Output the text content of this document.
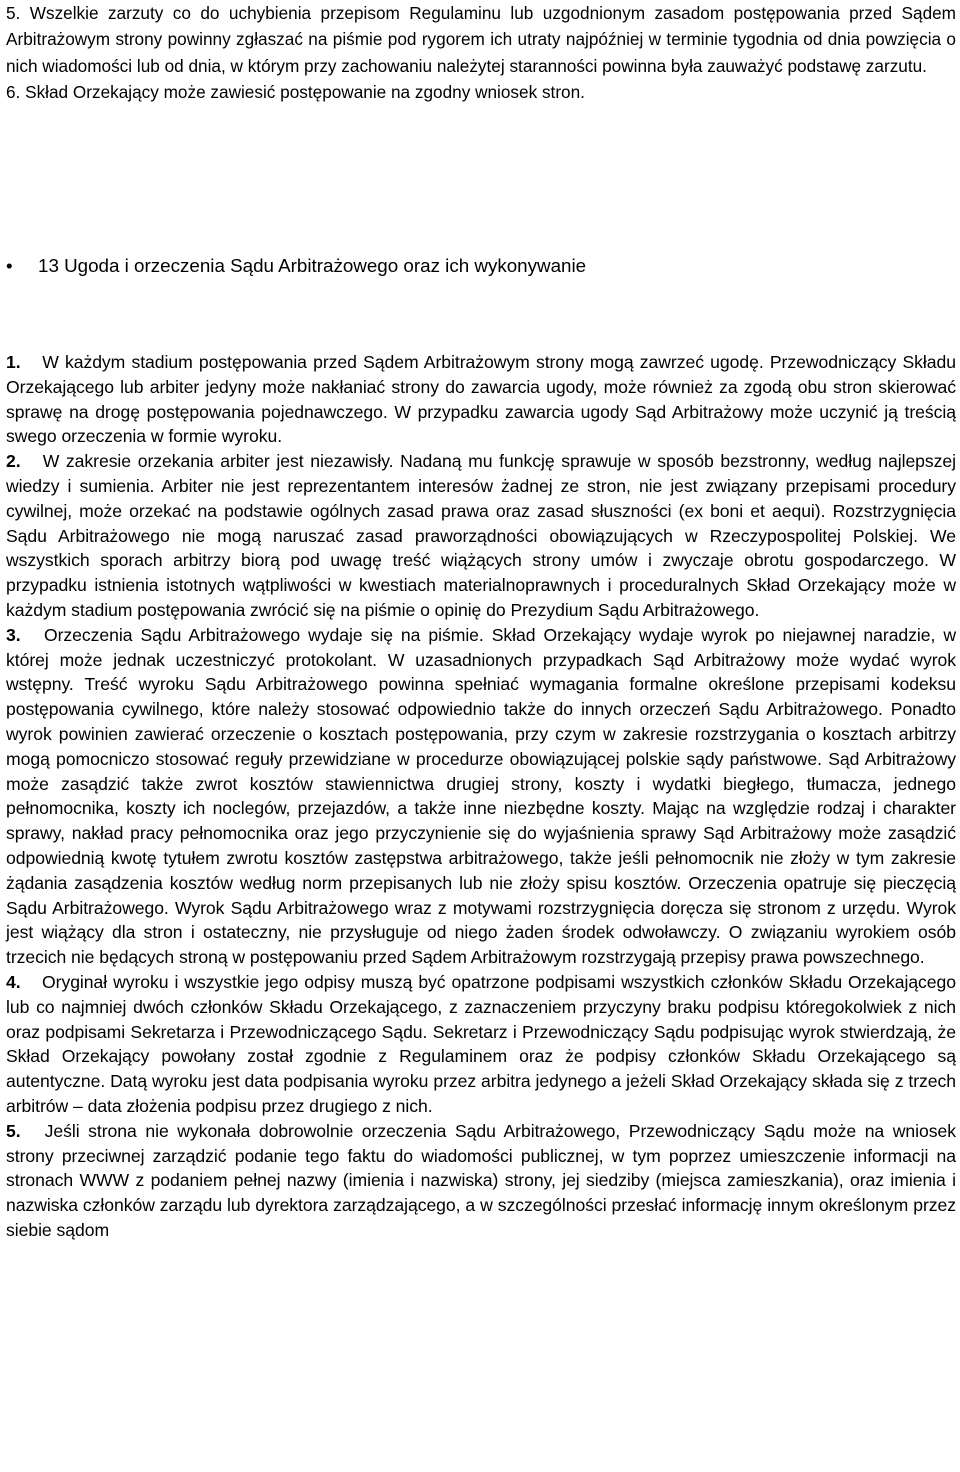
5. Wszelkie zarzuty co do uchybienia przepisom Regulaminu lub uzgodnionym zasadom postępowania przed Sądem Arbitrażowym strony powinny zgłaszać na piśmie pod rygorem ich utraty najpóźniej w terminie tygodnia od dnia powzięcia o nich wiadomości lub od dnia, w którym przy zachowaniu należytej staranności powinna była zauważyć podstawę zarzutu.

6. Skład Orzekający może zawiesić postępowanie na zgodny wniosek stron.

• 13 Ugoda i orzeczenia Sądu Arbitrażowego oraz ich wykonywanie

1. W każdym stadium postępowania przed Sądem Arbitrażowym strony mogą zawrzeć ugodę. Przewodniczący Składu Orzekającego lub arbiter jedyny może nakłaniać strony do zawarcia ugody, może również za zgodą obu stron skierować sprawę na drogę postępowania pojednawczego. W przypadku zawarcia ugody Sąd Arbitrażowy może uczynić ją treścią swego orzeczenia w formie wyroku.

2. W zakresie orzekania arbiter jest niezawisły. Nadaną mu funkcję sprawuje w sposób bezstronny, według najlepszej wiedzy i sumienia. Arbiter nie jest reprezentantem interesów żadnej ze stron, nie jest związany przepisami procedury cywilnej, może orzekać na podstawie ogólnych zasad prawa oraz zasad słuszności (ex boni et aequi). Rozstrzygnięcia Sądu Arbitrażowego nie mogą naruszać zasad praworządności obowiązujących w Rzeczypospolitej Polskiej. We wszystkich sporach arbitrzy biorą pod uwagę treść wiążących strony umów i zwyczaje obrotu gospodarczego. W przypadku istnienia istotnych wątpliwości w kwestiach materialnoprawnych i proceduralnych Skład Orzekający może w każdym stadium postępowania zwrócić się na piśmie o opinię do Prezydium Sądu Arbitrażowego.

3. Orzeczenia Sądu Arbitrażowego wydaje się na piśmie. Skład Orzekający wydaje wyrok po niejawnej naradzie, w której może jednak uczestniczyć protokolant. W uzasadnionych przypadkach Sąd Arbitrażowy może wydać wyrok wstępny. Treść wyroku Sądu Arbitrażowego powinna spełniać wymagania formalne określone przepisami kodeksu postępowania cywilnego, które należy stosować odpowiednio także do innych orzeczeń Sądu Arbitrażowego. Ponadto wyrok powinien zawierać orzeczenie o kosztach postępowania, przy czym w zakresie rozstrzygania o kosztach arbitrzy mogą pomocniczo stosować reguły przewidziane w procedurze obowiązującej polskie sądy państwowe. Sąd Arbitrażowy może zasądzić także zwrot kosztów stawiennictwa drugiej strony, koszty i wydatki biegłego, tłumacza, jednego pełnomocnika, koszty ich noclegów, przejazdów, a także inne niezbędne koszty. Mając na względzie rodzaj i charakter sprawy, nakład pracy pełnomocnika oraz jego przyczynienie się do wyjaśnienia sprawy Sąd Arbitrażowy może zasądzić odpowiednią kwotę tytułem zwrotu kosztów zastępstwa arbitrażowego, także jeśli pełnomocnik nie złoży w tym zakresie żądania zasądzenia kosztów według norm przepisanych lub nie złoży spisu kosztów. Orzeczenia opatruje się pieczęcią Sądu Arbitrażowego. Wyrok Sądu Arbitrażowego wraz z motywami rozstrzygnięcia doręcza się stronom z urzędu. Wyrok jest wiążący dla stron i ostateczny, nie przysługuje od niego żaden środek odwoławczy. O związaniu wyrokiem osób trzecich nie będących stroną w postępowaniu przed Sądem Arbitrażowym rozstrzygają przepisy prawa powszechnego.

4. Oryginał wyroku i wszystkie jego odpisy muszą być opatrzone podpisami wszystkich członków Składu Orzekającego lub co najmniej dwóch członków Składu Orzekającego, z zaznaczeniem przyczyny braku podpisu któregokolwiek z nich oraz podpisami Sekretarza i Przewodniczącego Sądu. Sekretarz i Przewodniczący Sądu podpisując wyrok stwierdzają, że Skład Orzekający powołany został zgodnie z Regulaminem oraz że podpisy członków Składu Orzekającego są autentyczne. Datą wyroku jest data podpisania wyroku przez arbitra jedynego a jeżeli Skład Orzekający składa się z trzech arbitrów – data złożenia podpisu przez drugiego z nich.

5. Jeśli strona nie wykonała dobrowolnie orzeczenia Sądu Arbitrażowego, Przewodniczący Sądu może na wniosek strony przeciwnej zarządzić podanie tego faktu do wiadomości publicznej, w tym poprzez umieszczenie informacji na stronach WWW z podaniem pełnej nazwy (imienia i nazwiska) strony, jej siedziby (miejsca zamieszkania), oraz imienia i nazwiska członków zarządu lub dyrektora zarządzającego, a w szczególności przesłać informację innym określonym przez siebie sądom
